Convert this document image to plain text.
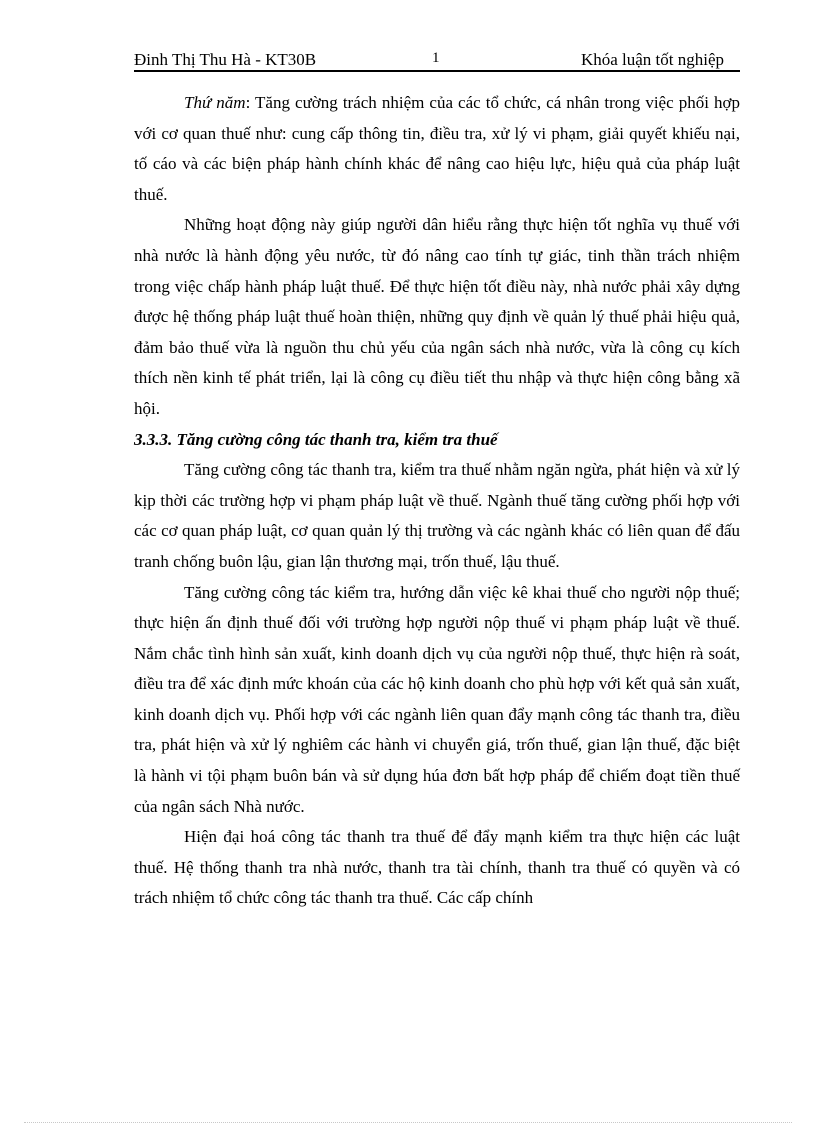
Đinh Thị Thu Hà - KT30B	1	Khóa luận tốt nghiệp

Thứ năm: Tăng cường trách nhiệm của các tổ chức, cá nhân trong việc phối hợp với cơ quan thuế như: cung cấp thông tin, điều tra, xử lý vi phạm, giải quyết khiếu nại, tố cáo và các biện pháp hành chính khác để nâng cao hiệu lực, hiệu quả của pháp luật thuế.

Những hoạt động này giúp người dân hiểu rằng thực hiện tốt nghĩa vụ thuế với nhà nước là hành động yêu nước, từ đó nâng cao tính tự giác, tinh thần trách nhiệm trong việc chấp hành pháp luật thuế. Để thực hiện tốt điều này, nhà nước phải xây dựng được hệ thống pháp luật thuế hoàn thiện, những quy định về quản lý thuế phải hiệu quả, đảm bảo thuế vừa là nguồn thu chủ yếu của ngân sách nhà nước, vừa là công cụ kích thích nền kinh tế phát triển, lại là công cụ điều tiết thu nhập và thực hiện công bằng xã hội.

3.3.3. Tăng cường công tác thanh tra, kiểm tra thuế

Tăng cường công tác thanh tra, kiểm tra thuế nhằm ngăn ngừa, phát hiện và xử lý kịp thời các trường hợp vi phạm pháp luật về thuế. Ngành thuế tăng cường phối hợp với các cơ quan pháp luật, cơ quan quản lý thị trường và các ngành khác có liên quan để đấu tranh chống buôn lậu, gian lận thương mại, trốn thuế, lậu thuế.

Tăng cường công tác kiểm tra, hướng dẫn việc kê khai thuế cho người nộp thuế; thực hiện ấn định thuế đối với trường hợp người nộp thuế vi phạm pháp luật về thuế. Nắm chắc tình hình sản xuất, kinh doanh dịch vụ của người nộp thuế, thực hiện rà soát, điều tra để xác định mức khoán của các hộ kinh doanh cho phù hợp với kết quả sản xuất, kinh doanh dịch vụ. Phối hợp với các ngành liên quan đẩy mạnh công tác thanh tra, điều tra, phát hiện và xử lý nghiêm các hành vi chuyển giá, trốn thuế, gian lận thuế, đặc biệt là hành vi tội phạm buôn bán và sử dụng húa đơn bất hợp pháp để chiếm đoạt tiền thuế của ngân sách Nhà nước.

Hiện đại hoá công tác thanh tra thuế để đẩy mạnh kiểm tra thực hiện các luật thuế. Hệ thống thanh tra nhà nước, thanh tra tài chính, thanh tra thuế có quyền và có trách nhiệm tổ chức công tác thanh tra thuế. Các cấp chính
